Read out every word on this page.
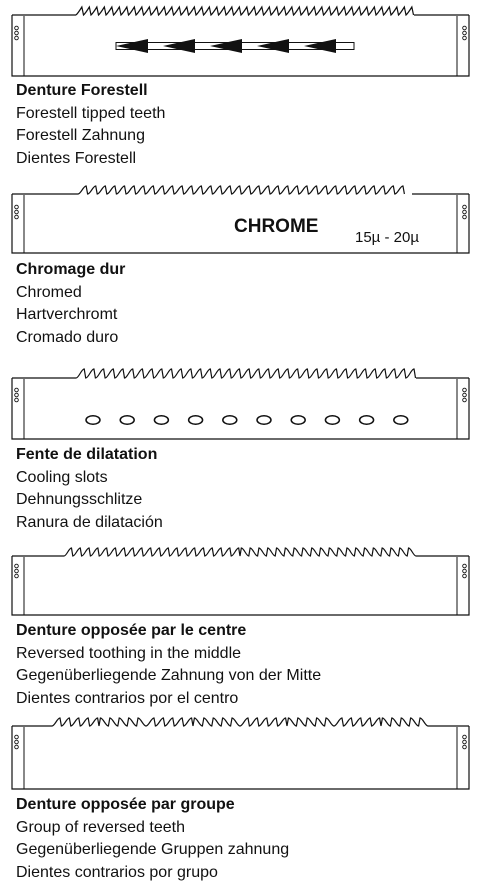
Denture Forestell
Forestell tipped teeth
Forestell Zahnung
Dientes Forestell
CHROME
15µ - 20µ
Chromage dur
Chromed
Hartverchromt
Cromado duro
Fente de dilatation
Cooling slots
Dehnungsschlitze
Ranura de dilatación
Denture opposée par le centre
Reversed toothing in the middle
Gegenüberliegende Zahnung von der Mitte
Dientes contrarios por el centro
Denture opposée par groupe
Group of reversed teeth
Gegenüberliegende Gruppen zahnung
Dientes contrarios por grupo
